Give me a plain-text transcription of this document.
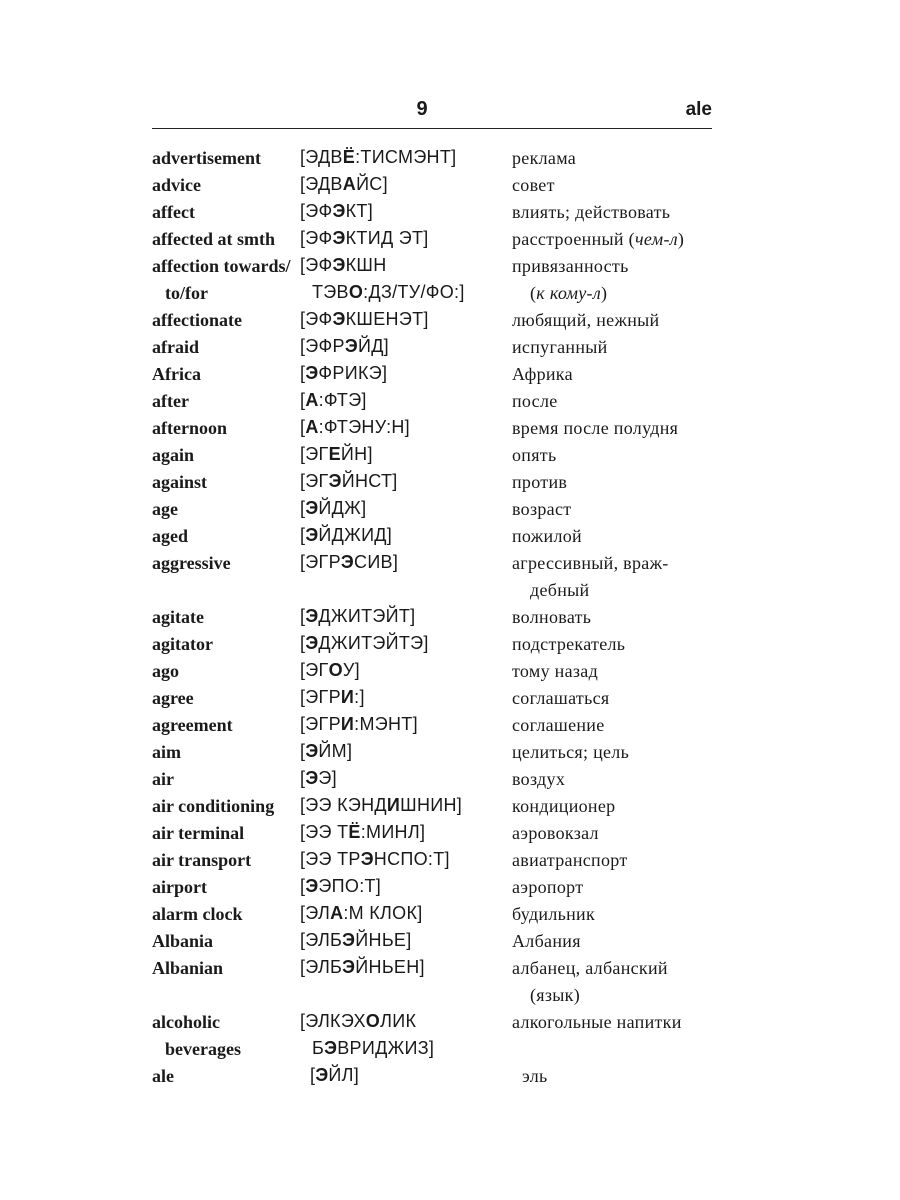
9	ale
advertisement [ЭДВЁ:ТИСМЭНТ]	реклама
advice	[ЭДВАЙС]	совет
affect	[ЭФЭКТ]	влиять; действовать
affected at smth [ЭФЭКТИД ЭТ]	расстроенный (чем-л)
affection towards/ [ЭФЭКШН	привязанность
to/for	ТЭВО:ДЗ/ТУ/ФО:]	(к кому-л)
affectionate	[ЭФЭКШЕНЭТ]	любящий, нежный
afraid	[ЭФРЭЙД]	испуганный
Africa	[ЭФРИКЭ]	Африка
after	[А:ФТЭ]	после
afternoon	[А:ФТЭНУ:Н]	время после полудня
again	[ЭГЕЙН]	опять
against	[ЭГЭЙНСТ]	против
age	[ЭЙДЖ]	возраст
aged	[ЭЙДЖИД]	пожилой
aggressive	[ЭГРЭСИВ]	агрессивный, враж-
дебный
agitate	[ЭДЖИТЭЙТ]	волновать
agitator	[ЭДЖИТЭЙТЭ]	подстрекатель
ago	[ЭГОУ]	тому назад
agree	[ЭГРИ:]	соглашаться
agreement	[ЭГРИ:МЭНТ]	соглашение
aim	[ЭЙМ]	целиться; цель
air	[ЭЭ]	воздух
air conditioning [ЭЭ КЭНДИШНИН]	кондиционер
air terminal	[ЭЭ ТЁ:МИНЛ]	аэровокзал
air transport	[ЭЭ ТРЭНСПО:Т]	авиатранспорт
airport	[ЭЭПО:Т]	аэропорт
alarm clock	[ЭЛА:М КЛОК]	будильник
Albania	[ЭЛБЭЙНЬЕ]	Албания
Albanian	[ЭЛБЭЙНЬЕН]	албанец, албанский
(язык)
alcoholic	[ЭЛКЭХОЛИК	алкогольные напитки
beverages	БЭВРИДЖИЗ]
ale	[ЭЙЛ]	эль
